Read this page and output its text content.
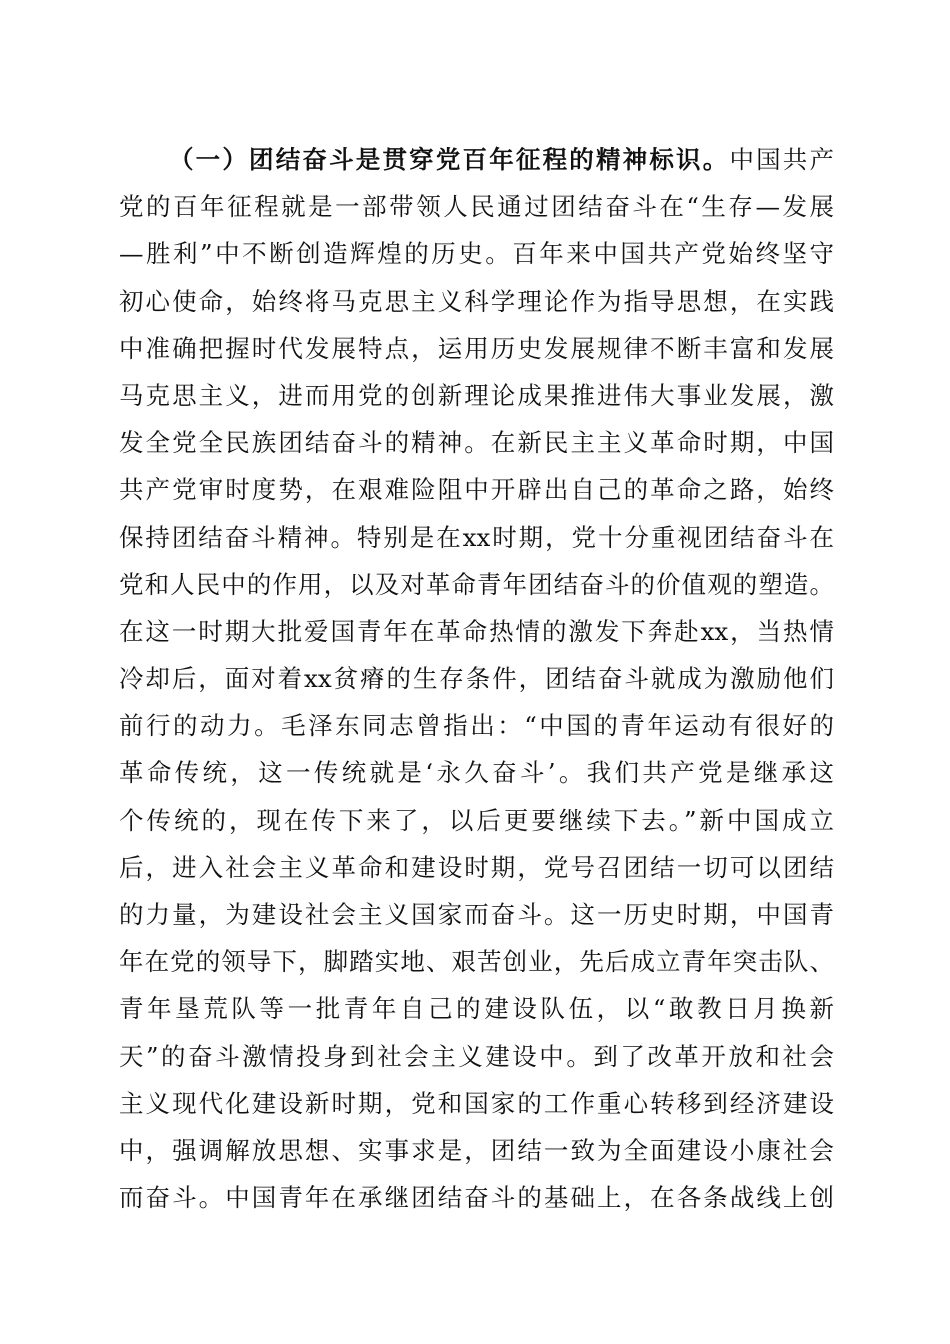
（一）团结奋斗是贯穿党百年征程的精神标识。中国共产
党的百年征程就是一部带领人民通过团结奋斗在“生存—发展
—胜利”中不断创造辉煌的历史。百年来中国共产党始终坚守
初心使命，始终将马克思主义科学理论作为指导思想，在实践
中准确把握时代发展特点，运用历史发展规律不断丰富和发展
马克思主义，进而用党的创新理论成果推进伟大事业发展，激
发全党全民族团结奋斗的精神。在新民主主义革命时期，中国
共产党审时度势，在艰难险阻中开辟出自己的革命之路，始终
保持团结奋斗精神。特别是在xx时期，党十分重视团结奋斗在
党和人民中的作用，以及对革命青年团结奋斗的价值观的塑造。
在这一时期大批爱国青年在革命热情的激发下奔赴xx，当热情
冷却后，面对着xx贫瘠的生存条件，团结奋斗就成为激励他们
前行的动力。毛泽东同志曾指出：“中国的青年运动有很好的
革命传统，这一传统就是‘永久奋斗’。我们共产党是继承这
个传统的，现在传下来了，以后更要继续下去。”新中国成立
后，进入社会主义革命和建设时期，党号召团结一切可以团结
的力量，为建设社会主义国家而奋斗。这一历史时期，中国青
年在党的领导下，脚踏实地、艰苦创业，先后成立青年突击队、
青年垦荒队等一批青年自己的建设队伍，以“敢教日月换新
天”的奋斗激情投身到社会主义建设中。到了改革开放和社会
主义现代化建设新时期，党和国家的工作重心转移到经济建设
中，强调解放思想、实事求是，团结一致为全面建设小康社会
而奋斗。中国青年在承继团结奋斗的基础上，在各条战线上创
